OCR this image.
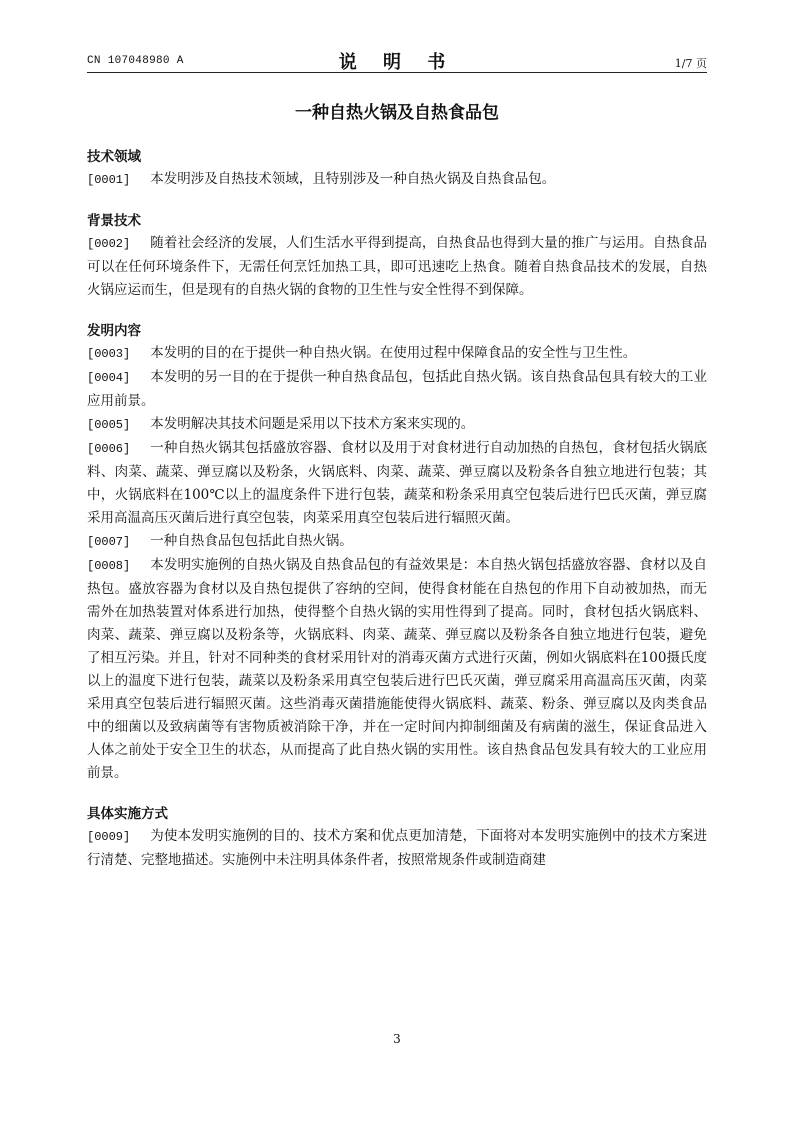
CN 107048980 A	说 明 书	1/7 页
一种自热火锅及自热食品包
技术领域
[0001] 本发明涉及自热技术领域，且特别涉及一种自热火锅及自热食品包。
背景技术
[0002] 随着社会经济的发展，人们生活水平得到提高，自热食品也得到大量的推广与运用。自热食品可以在任何环境条件下，无需任何烹饪加热工具，即可迅速吃上热食。随着自热食品技术的发展，自热火锅应运而生，但是现有的自热火锅的食物的卫生性与安全性得不到保障。
发明内容
[0003] 本发明的目的在于提供一种自热火锅。在使用过程中保障食品的安全性与卫生性。
[0004] 本发明的另一目的在于提供一种自热食品包，包括此自热火锅。该自热食品包具有较大的工业应用前景。
[0005] 本发明解决其技术问题是采用以下技术方案来实现的。
[0006] 一种自热火锅其包括盛放容器、食材以及用于对食材进行自动加热的自热包，食材包括火锅底料、肉菜、蔬菜、弹豆腐以及粉条，火锅底料、肉菜、蔬菜、弹豆腐以及粉条各自独立地进行包装；其中，火锅底料在100℃以上的温度条件下进行包装，蔬菜和粉条采用真空包装后进行巴氏灭菌，弹豆腐采用高温高压灭菌后进行真空包装，肉菜采用真空包装后进行辐照灭菌。
[0007] 一种自热食品包包括此自热火锅。
[0008] 本发明实施例的自热火锅及自热食品包的有益效果是：本自热火锅包括盛放容器、食材以及自热包。盛放容器为食材以及自热包提供了容纳的空间，使得食材能在自热包的作用下自动被加热，而无需外在加热装置对体系进行加热，使得整个自热火锅的实用性得到了提高。同时，食材包括火锅底料、肉菜、蔬菜、弹豆腐以及粉条等，火锅底料、肉菜、蔬菜、弹豆腐以及粉条各自独立地进行包装，避免了相互污染。并且，针对不同种类的食材采用针对的消毒灭菌方式进行灭菌，例如火锅底料在100摄氏度以上的温度下进行包装，蔬菜以及粉条采用真空包装后进行巴氏灭菌，弹豆腐采用高温高压灭菌，肉菜采用真空包装后进行辐照灭菌。这些消毒灭菌措施能使得火锅底料、蔬菜、粉条、弹豆腐以及肉类食品中的细菌以及致病菌等有害物质被消除干净，并在一定时间内抑制细菌及有病菌的滋生，保证食品进入人体之前处于安全卫生的状态，从而提高了此自热火锅的实用性。该自热食品包发具有较大的工业应用前景。
具体实施方式
[0009] 为使本发明实施例的目的、技术方案和优点更加清楚，下面将对本发明实施例中的技术方案进行清楚、完整地描述。实施例中未注明具体条件者，按照常规条件或制造商建
3
